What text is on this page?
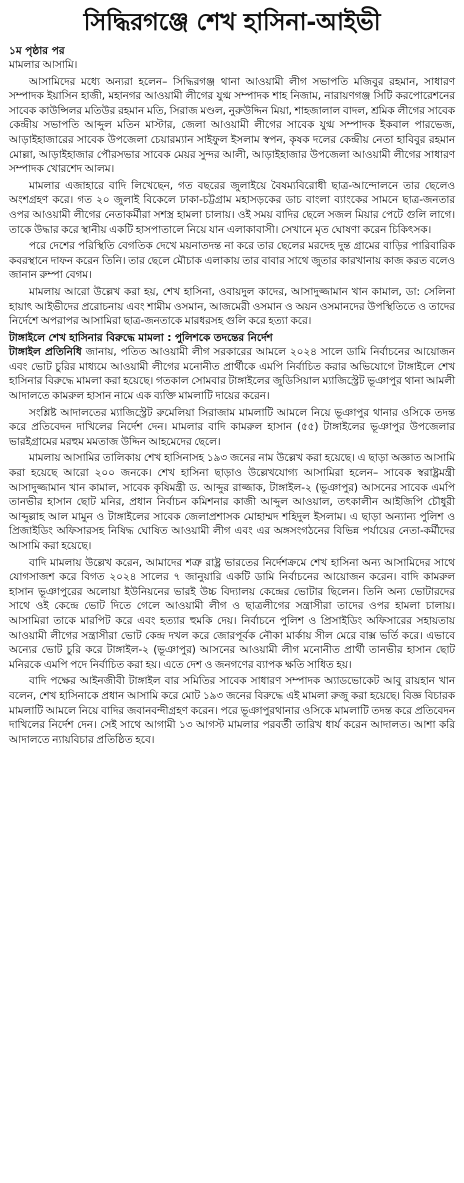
সিদ্ধিরগঞ্জে শেখ হাসিনা-আইভী
১ম পৃষ্ঠার পর

মামলার আসামি।

আসামিদের মধ্যে অন্যরা হলেন– সিদ্ধিরগঞ্জ থানা আওয়ামী লীগ সভাপতি মজিবুর রহমান, সাধারণ সম্পাদক ইয়াসিন হাজী, মহানগর আওয়ামী লীগের যুগ্ম সম্পাদক শাহ নিজাম, নারায়ণগঞ্জ সিটি করপোরেশনের সাবেক কাউন্সিলর মতিউর রহমান মতি, সিরাজ মণ্ডল, নুরুউদ্দিন মিয়া, শাহজালাল বাদল, শ্রমিক লীগের সাবেক কেন্দ্রীয় সভাপতি আব্দুল মতিন মাস্টার, জেলা আওয়ামী লীগের সাবেক যুগ্ম সম্পাদক ইকবাল পারভেজ, আড়াইহাজারের সাবেক উপজেলা চেয়ারম্যান সাইফুল ইসলাম স্বপন, কৃষক দলের কেন্দ্রীয় নেতা হাবিবুর রহমান মোল্লা, আড়াইহাজার পৌরসভার সাবেক মেয়র সুন্দর আলী, আড়াইহাজার উপজেলা আওয়ামী লীগের সাধারণ সম্পাদক খোরশেদ আলম।

মামলার এজাহারে বাদি লিখেছেন, গত বছরের জুলাইয়ে বৈষম্যবিরোধী ছাত্র-আন্দোলনে তার ছেলেও অংশগ্রহণ করে। গত ২০ জুলাই বিকেলে ঢাকা-চট্টগ্রাম মহাসড়কের ডাচ বাংলা ব্যাংকের সামনে ছাত্র-জনতার ওপর আওয়ামী লীগের নেতাকর্মীরা সশস্ত্র হামলা চালায়। ওই সময় বাদির ছেলে সজল মিয়ার পেটে গুলি লাগে। তাকে উদ্ধার করে স্থানীয় একটি হাসপাতালে নিয়ে যান এলাকাবাসী। সেখানে মৃত ঘোষণা করেন চিকিৎসক।

পরে দেশের পরিস্থিতি বেগতিক দেখে ময়নাতদন্ত না করে তার ছেলের মরদেহ দুন্ত গ্রামের বাড়ির পারিবারিক কবরস্থানে দাফন করেন তিনি। তার ছেলে মৌচাক এলাকায় তার বাবার সাথে জুতার কারখানায় কাজ করত বলেও জানান রুম্পা বেগম।

মামলায় আরো উল্লেখ করা হয়, শেখ হাসিনা, ওবায়দুল কাদের, আসাদুজ্জামান খান কামাল, ডা: সেলিনা হায়াৎ আইভীদের প্ররোচনায় এবং শামীম ওসমান, আজমেরী ওসমান ও অয়ন ওসমানদের উপস্থিতিতে ও তাদের নির্দেশে অপরাপর আসামিরা ছাত্র-জনতাকে মারধরসহ গুলি করে হত্যা করে।

টাঙ্গাইলে শেখ হাসিনার বিরুদ্ধে মামলা : পুলিশকে তদন্তের নির্দেশ

টাঙ্গাইল প্রতিনিধি জানায়, পতিত আওয়ামী লীগ সরকারের আমলে ২০২৪ সালে ডামি নির্বাচনের আয়োজন এবং ভোট চুরির মাধ্যমে আওয়ামী লীগের মনোনীত প্রার্থীকে এমপি নির্বাচিত করার অভিযোগে টাঙ্গাইলে শেখ হাসিনার বিরুদ্ধে মামলা করা হয়েছে। গতকাল সোমবার টাঙ্গাইলের জুডিসিয়াল ম্যাজিস্ট্রেট ভূঞাপুর থানা আমলী আদালতে কামরুল হাসান নামে এক ব্যক্তি মামলাটি দায়ের করেন।

সংশ্লিষ্ট আদালতের ম্যাজিস্ট্রেট রুমেলিয়া সিরাজাম মামলাটি আমলে নিয়ে ভূঞাপুর থানার ওসিকে তদন্ত করে প্রতিবেদন দাখিলের নির্দেশ দেন। মামলার বাদি কামরুল হাসান (৫৫) টাঙ্গাইলের ভূঞাপুর উপজেলার ভারইগ্রামের মরহুম মমতাজ উদ্দিন আহমেদের ছেলে।

মামলায় আসামির তালিকায় শেখ হাসিনাসহ ১৯৩ জনের নাম উল্লেখ করা হয়েছে। এ ছাড়া অজ্ঞাত আসামি করা হয়েছে আরো ২০০ জনকে। শেখ হাসিনা ছাড়াও উল্লেখযোগ্য আসামিরা হলেন– সাবেক স্বরাষ্ট্রমন্ত্রী আসাদুজ্জামান খান কামাল, সাবেক কৃষিমন্ত্রী ড. আব্দুর রাজ্জাক, টাঙ্গাইল-২ (ভূঞাপুর) আসনের সাবেক এমপি তানভীর হাসান ছোট মনির, প্রধান নির্বাচন কমিশনার কাজী আব্দুল আওয়াল, তৎকালীন আইজিপি চৌধুরী আব্দুল্লাহ আল মামুন ও টাঙ্গাইলের সাবেক জেলাপ্রশাসক মোহাম্মদ শহিদুল ইসলাম। এ ছাড়া অন্যান্য পুলিশ ও প্রিজাইডিং অফিসারসহ নিষিদ্ধ ঘোষিত আওয়ামী লীগ এবং এর অঙ্গসংগঠনের বিভিন্ন পর্যায়ের নেতা-কর্মীদের আসামি করা হয়েছে।

বাদি মামলায় উল্লেখ করেন, আমাদের শত্রু রাষ্ট্র ভারতের নির্দেশক্রমে শেখ হাসিনা অন্য আসামিদের সাথে যোগসাজশ করে বিগত ২০২৪ সালের ৭ জানুয়ারি একটি ডামি নির্বাচনের আয়োজন করেন। বাদি কামরুল হাসান ভূঞাপুরের অলোয়া ইউনিয়নের ভারই উচ্চ বিদ্যালয় কেন্দ্রের ভোটার ছিলেন। তিনি অন্য ভোটারদের সাথে ওই কেন্দ্রে ভোট দিতে গেলে আওয়ামী লীগ ও ছাত্রলীগের সন্ত্রাসীরা তাদের ওপর হামলা চালায়। আসামিরা তাকে মারপিট করে এবং হত্যার হুমকি দেয়। নির্বাচনে পুলিশ ও প্রিসাইডিং অফিসারের সহায়তায় আওয়ামী লীগের সন্ত্রাসীরা ভোট কেন্দ্র দখল করে জোরপূর্বক নৌকা মার্কায় সীল মেরে বাক্স ভর্তি করে। এভাবে অন্যের ভোট চুরি করে টাঙ্গাইল-২ (ভূঞাপুর) আসনের আওয়ামী লীগ মনোনীত প্রার্থী তানভীর হাসান ছোট মনিরকে এমপি পদে নির্বাচিত করা হয়। এতে দেশ ও জনগণের ব্যাপক ক্ষতি সাধিত হয়।

বাদি পক্ষের আইনজীবী টাঙ্গাইল বার সমিতির সাবেক সাধারণ সম্পাদক অ্যাডভোকেট আবু রায়হান খান বলেন, শেখ হাসিনাকে প্রধান আসামি করে মোট ১৯৩ জনের বিরুদ্ধে এই মামলা রুজু করা হয়েছে। বিজ্ঞ বিচারক মামলাটি আমলে নিয়ে বাদির জবানবন্দীগ্রহণ করেন। পরে ভূঞাপুরথানার ওসিকে মামলাটি তদন্ত করে প্রতিবেদন দাখিলের নির্দেশ দেন। সেই সাথে আগামী ১৩ আগস্ট মামলার পরবর্তী তারিখ ধার্য করেন আদালত। আশা করি আদালতে ন্যায়বিচার প্রতিষ্ঠিত হবে।
